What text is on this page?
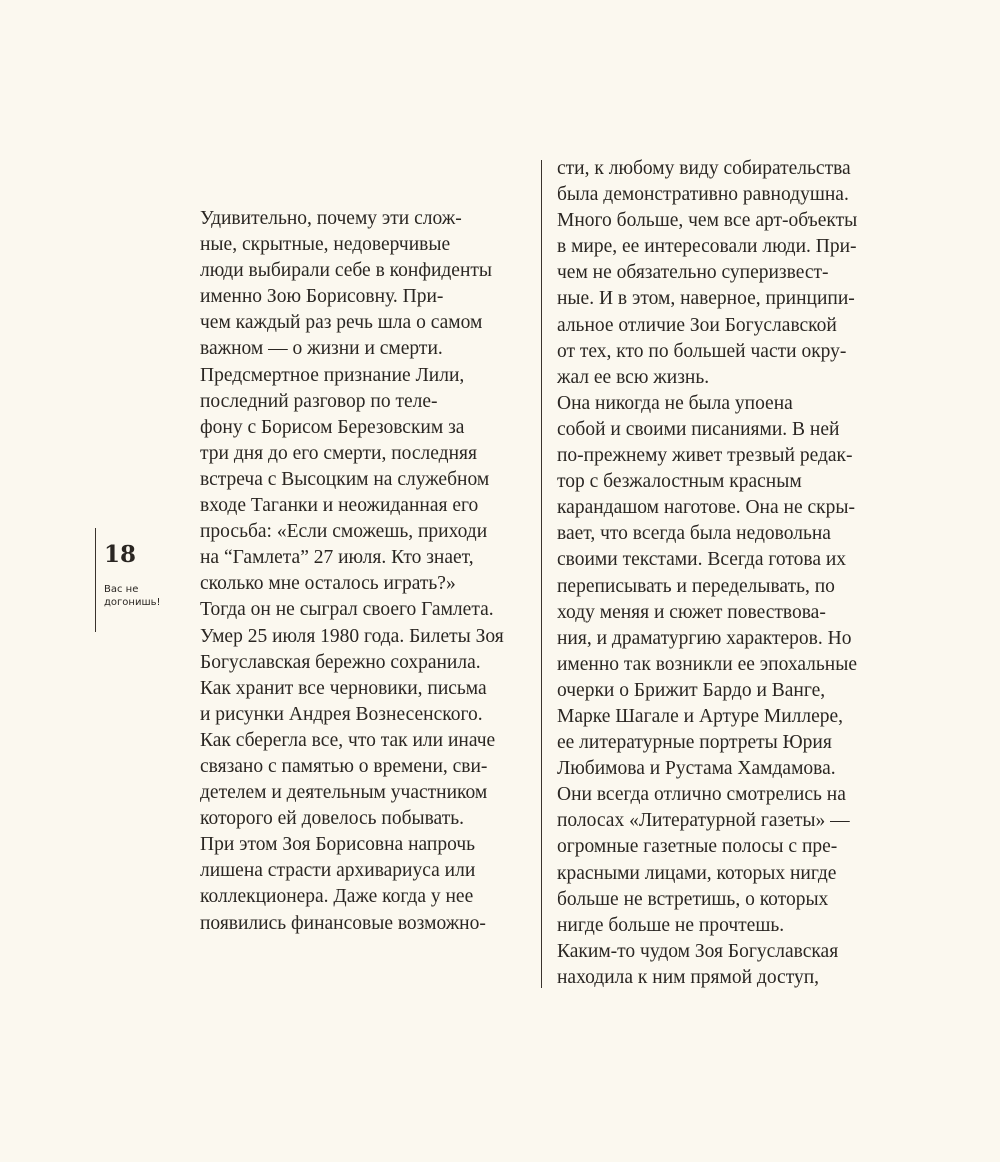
18
Вас не
догонишь!
Удивительно, почему эти слож-
ные, скрытные, недоверчивые
люди выбирали себе в конфиденты
именно Зою Борисовну. При-
чем каждый раз речь шла о самом
важном — о жизни и смерти.
Предсмертное признание Лили,
последний разговор по теле-
фону с Борисом Березовским за
три дня до его смерти, последняя
встреча с Высоцким на служебном
входе Таганки и неожиданная его
просьба: «Если сможешь, приходи
на “Гамлета” 27 июля. Кто знает,
сколько мне осталось играть?»
Тогда он не сыграл своего Гамлета.
Умер 25 июля 1980 года. Билеты Зоя
Богуславская бережно сохранила.
Как хранит все черновики, письма
и рисунки Андрея Вознесенского.
Как сберегла все, что так или иначе
связано с памятью о времени, сви-
детелем и деятельным участником
которого ей довелось побывать.
При этом Зоя Борисовна напрочь
лишена страсти архивариуса или
коллекционера. Даже когда у нее
появились финансовые возможно-
сти, к любому виду собирательства
была демонстративно равнодушна.
Много больше, чем все арт-объекты
в мире, ее интересовали люди. При-
чем не обязательно суперизвест-
ные. И в этом, наверное, принципи-
альное отличие Зои Богуславской
от тех, кто по большей части окру-
жал ее всю жизнь.
Она никогда не была упоена
собой и своими писаниями. В ней
по-прежнему живет трезвый редак-
тор с безжалостным красным
карандашом наготове. Она не скры-
вает, что всегда была недовольна
своими текстами. Всегда готова их
переписывать и переделывать, по
ходу меняя и сюжет повествова-
ния, и драматургию характеров. Но
именно так возникли ее эпохальные
очерки о Брижит Бардо и Ванге,
Марке Шагале и Артуре Миллере,
ее литературные портреты Юрия
Любимова и Рустама Хамдамова.
Они всегда отлично смотрелись на
полосах «Литературной газеты» —
огромные газетные полосы с пре-
красными лицами, которых нигде
больше не встретишь, о которых
нигде больше не прочтешь.
Каким-то чудом Зоя Богуславская
находила к ним прямой доступ,
